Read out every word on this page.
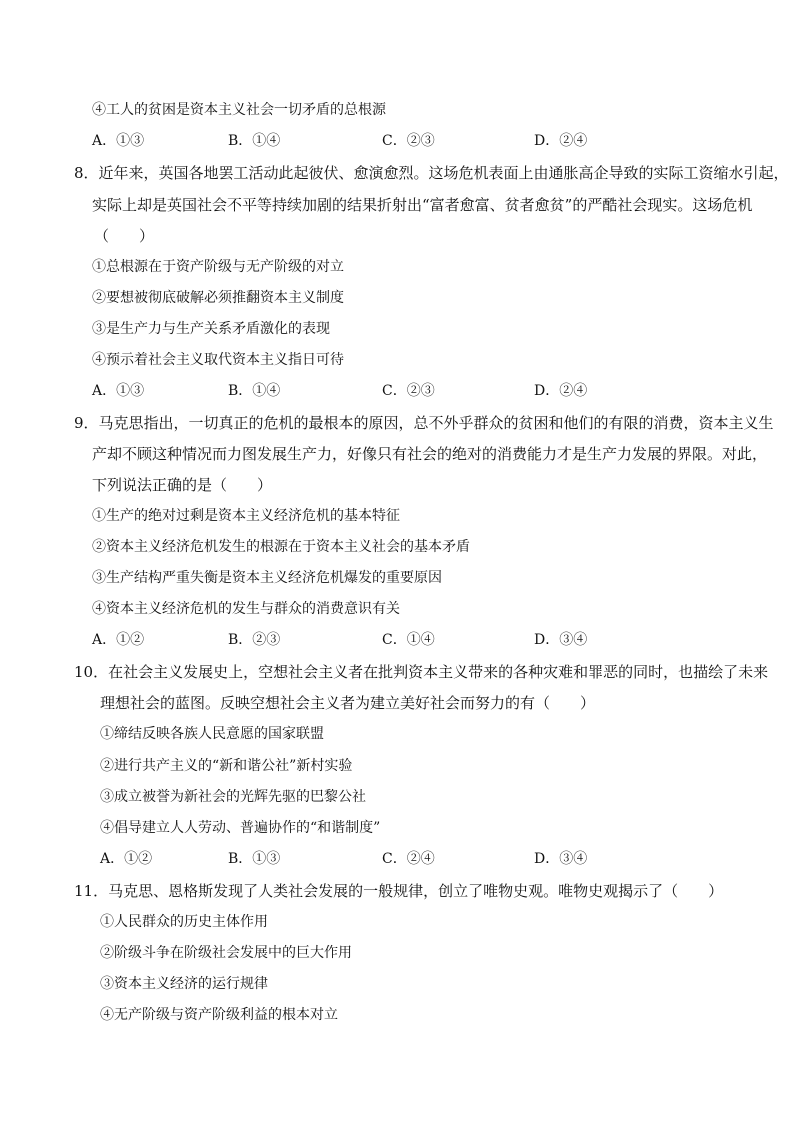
④工人的贫困是资本主义社会一切矛盾的总根源
A．①③	B．①④	C．②③	D．②④
8．近年来，英国各地罢工活动此起彼伏、愈演愈烈。这场危机表面上由通胀高企导致的实际工资缩水引起，
实际上却是英国社会不平等持续加剧的结果折射出“富者愈富、贫者愈贫”的严酷社会现实。这场危机
（　　）
①总根源在于资产阶级与无产阶级的对立
②要想被彻底破解必须推翻资本主义制度
③是生产力与生产关系矛盾激化的表现
④预示着社会主义取代资本主义指日可待
A．①③	B．①④	C．②③	D．②④
9．马克思指出，一切真正的危机的最根本的原因，总不外乎群众的贫困和他们的有限的消费，资本主义生
产却不顾这种情况而力图发展生产力，好像只有社会的绝对的消费能力才是生产力发展的界限。对此，
下列说法正确的是（　　）
①生产的绝对过剩是资本主义经济危机的基本特征
②资本主义经济危机发生的根源在于资本主义社会的基本矛盾
③生产结构严重失衡是资本主义经济危机爆发的重要原因
④资本主义经济危机的发生与群众的消费意识有关
A．①②	B．②③	C．①④	D．③④
10．在社会主义发展史上，空想社会主义者在批判资本主义带来的各种灾难和罪恶的同时，也描绘了未来
理想社会的蓝图。反映空想社会主义者为建立美好社会而努力的有（　　）
①缔结反映各族人民意愿的国家联盟
②进行共产主义的“新和谐公社”新村实验
③成立被誉为新社会的光辉先驱的巴黎公社
④倡导建立人人劳动、普遍协作的“和谐制度”
A．①②	B．①③	C．②④	D．③④
11．马克思、恩格斯发现了人类社会发展的一般规律，创立了唯物史观。唯物史观揭示了（　　）
①人民群众的历史主体作用
②阶级斗争在阶级社会发展中的巨大作用
③资本主义经济的运行规律
④无产阶级与资产阶级利益的根本对立
